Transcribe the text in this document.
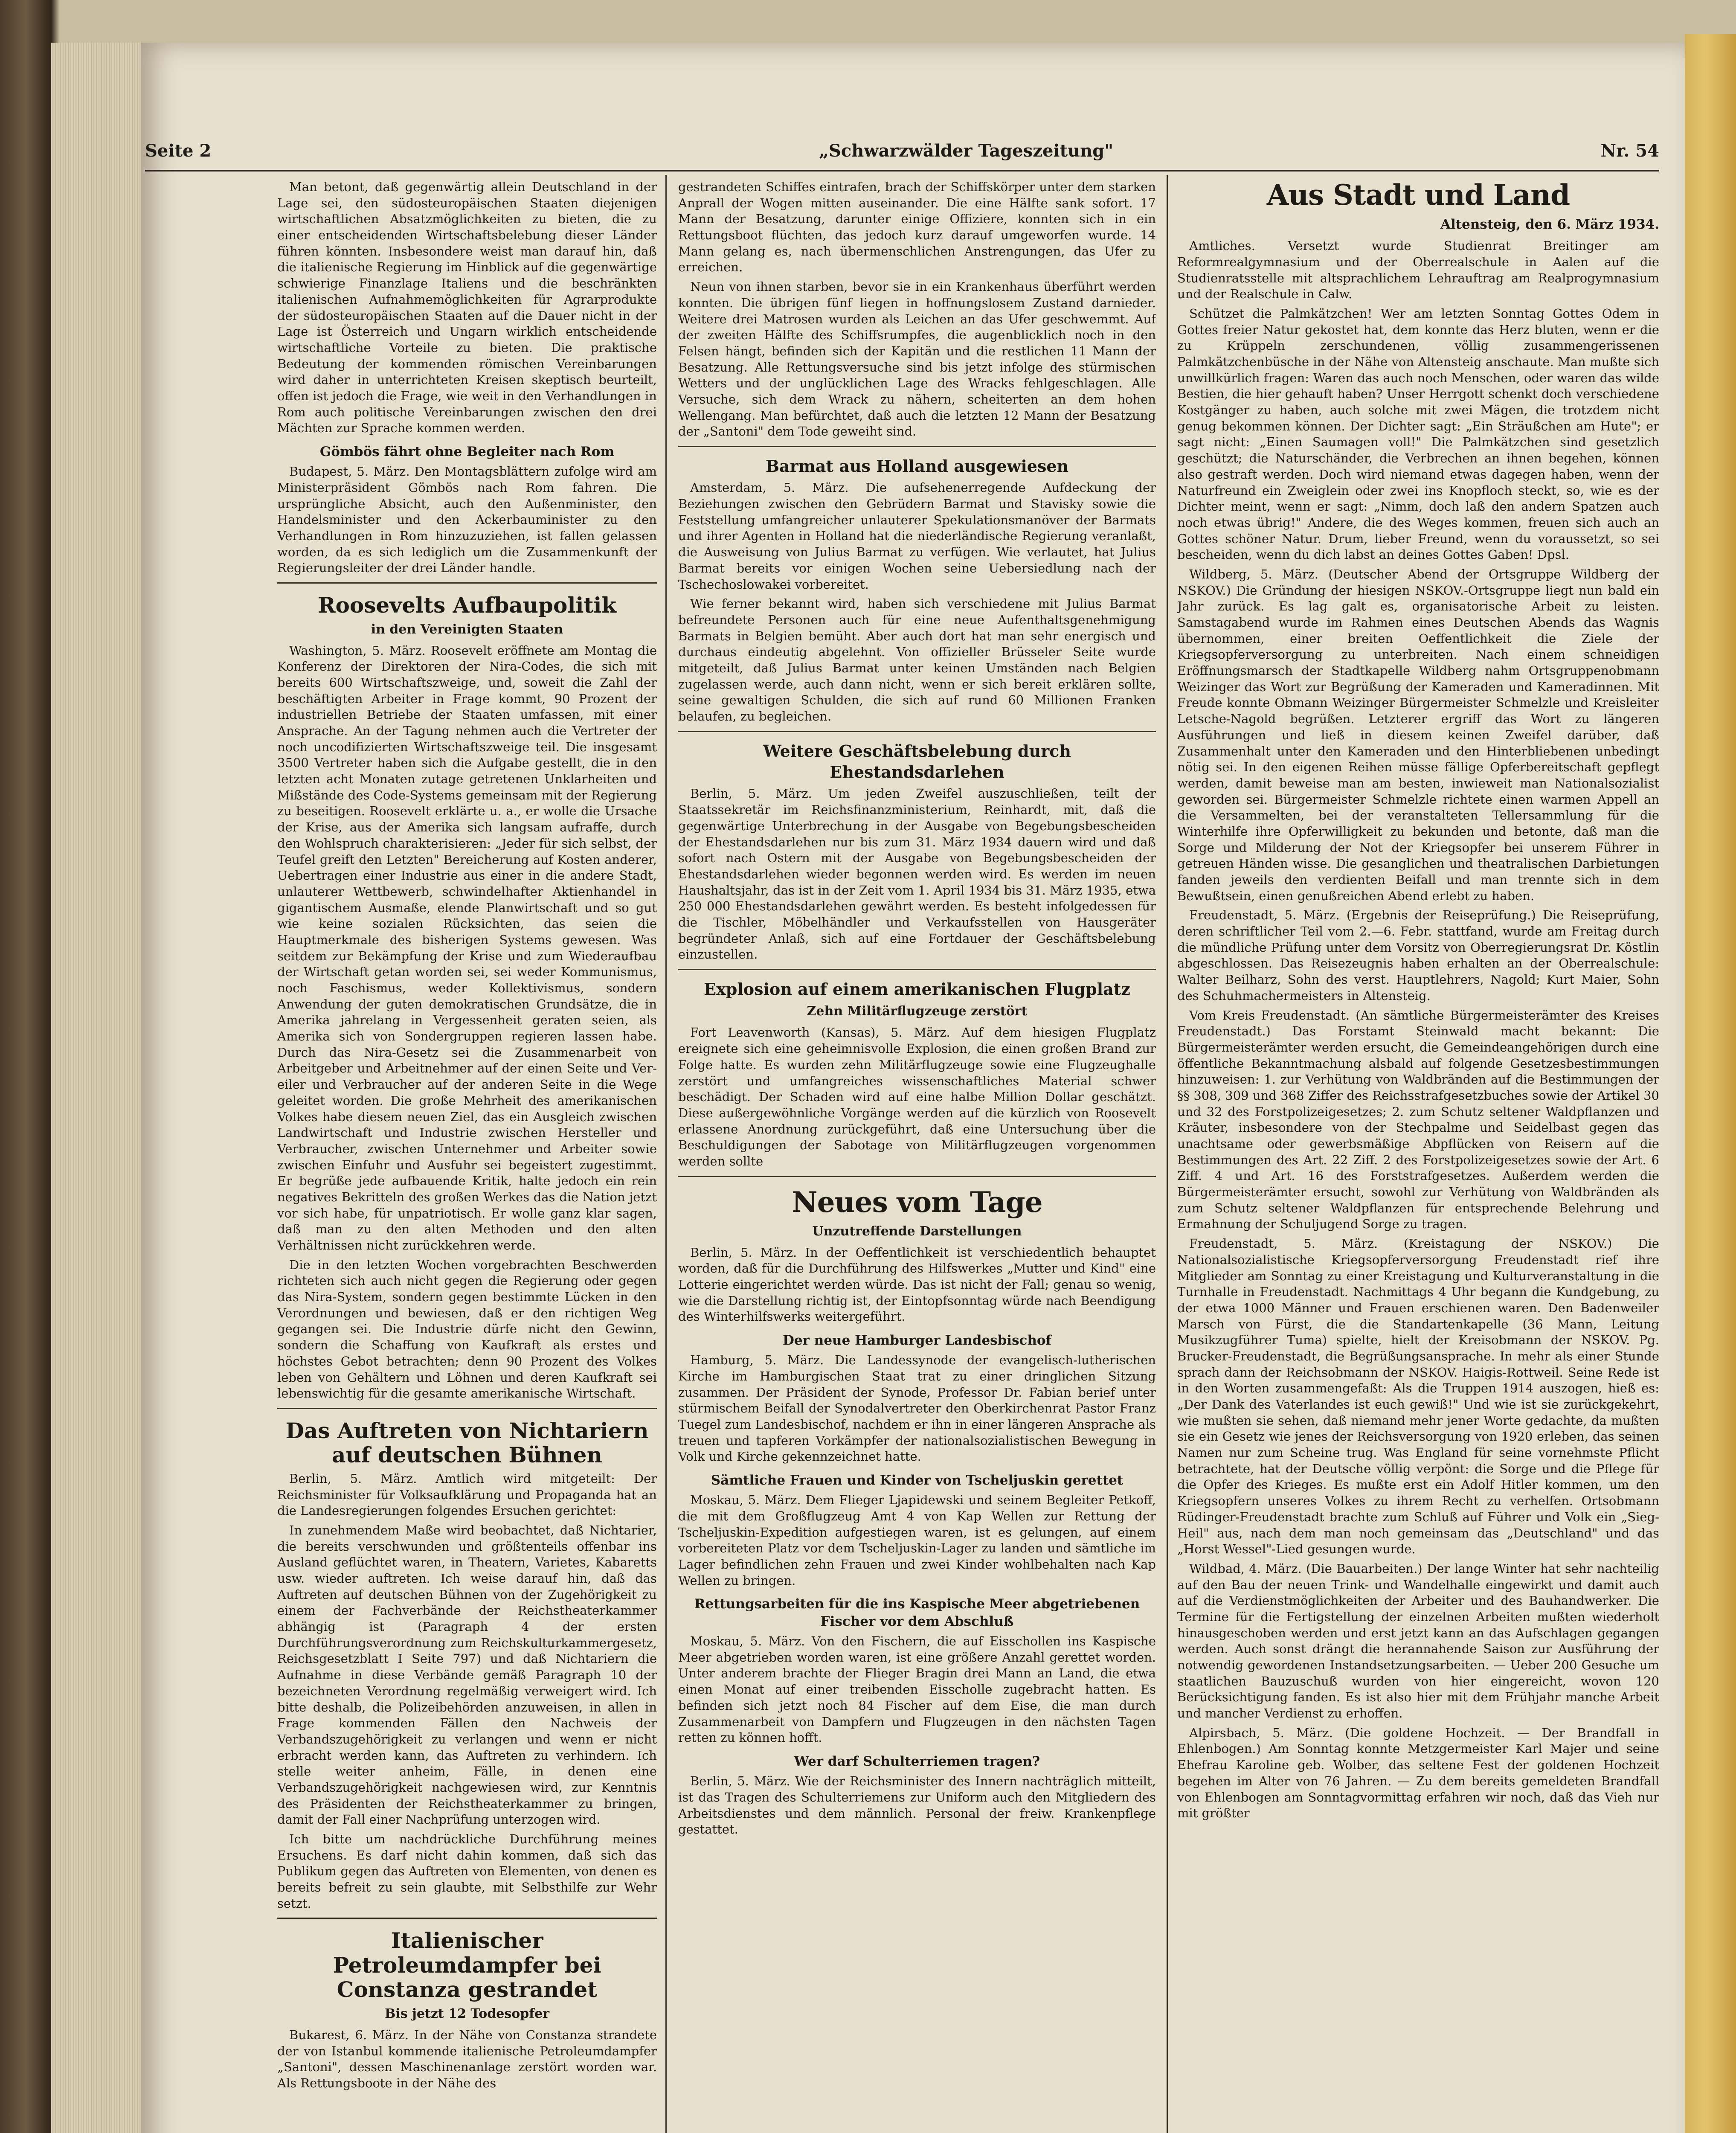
Seite 2	„Schwarzwälder Tageszeitung"	Nr. 54

Man betont, daß gegenwärtig allein Deutschland in der Lage sei, den südosteuropäischen Staaten diejenigen wirtschaftlichen Absatzmöglichkeiten zu bieten, die zu einer entscheidenden Wirtschaftsbelebung dieser Länder führen könnten. Insbesondere weist man darauf hin, daß die italienische Regierung im Hinblick auf die gegenwärtige schwierige Finanzlage Italiens und die beschränkten italienischen Aufnahmemöglichkeiten für Agrarprodukte der südosteuropäischen Staaten auf die Dauer nicht in der Lage ist Österreich und Ungarn wirklich entscheidende wirtschaftliche Vorteile zu bieten. Die praktische Bedeutung der kommenden römischen Vereinbarungen wird daher in unterrichteten Kreisen skeptisch beurteilt, offen ist jedoch die Frage, wie weit in den Verhandlungen in Rom auch politische Vereinbarungen zwischen den drei Mächten zur Sprache kommen werden.

Gömbös fährt ohne Begleiter nach Rom

Budapest, 5. März. Den Montagsblättern zufolge wird am Ministerpräsident Gömbös nach Rom fahren. Die ursprüngliche Absicht, auch den Außenminister, den Handelsminister und den Ackerbauminister zu den Verhandlungen in Rom hinzuzuziehen, ist fallen gelassen worden, da es sich lediglich um die Zusammenkunft der Regierungsleiter der drei Länder handle.

Roosevelts Aufbaupolitik
in den Vereinigten Staaten

Washington, 5. März. Roosevelt eröffnete am Montag die Konferenz der Direktoren der Nira-Codes, die sich mit bereits 600 Wirtschaftszweige, und, soweit die Zahl der beschäftigten Arbeiter in Frage kommt, 90 Prozent der industriellen Betriebe der Staaten umfassen, mit einer Ansprache. An der Tagung nehmen auch die Vertreter der noch uncodifizierten Wirtschaftszweige teil. Die insgesamt 3500 Vertreter haben sich die Aufgabe gestellt, die in den letzten acht Monaten zutage getretenen Unklarheiten und Mißstände des Code-Systems gemeinsam mit der Regierung zu beseitigen. Roosevelt erklärte u. a., er wolle die Ursache der Krise, aus der Amerika sich langsam aufraffe, durch den Wohlspruch charakterisieren: „Jeder für sich selbst, der Teufel greift den Letzten" Bereicherung auf Kosten anderer, Uebertragen einer Industrie aus einer in die andere Stadt, unlauterer Wettbewerb, schwindelhafter Aktienhandel in gigantischem Ausmaße, elende Planwirtschaft und so gut wie keine sozialen Rücksichten, das seien die Hauptmerkmale des bisherigen Systems gewesen. Was seitdem zur Bekämpfung der Krise und zum Wiederaufbau der Wirtschaft getan worden sei, sei weder Kommunismus, noch Faschismus, weder Kollektivismus, sondern Anwendung der guten demokratischen Grundsätze, die in Amerika jahrelang in Vergessenheit geraten seien, als Amerika sich von Sondergruppen regieren lassen habe. Durch das Nira-Gesetz sei die Zusammenarbeit von Arbeitgeber und Arbeitnehmer auf der einen Seite und Ver-eiler und Verbraucher auf der anderen Seite in die Wege geleitet worden. Die große Mehrheit des amerikanischen Volkes habe diesem neuen Ziel, das ein Ausgleich zwischen Landwirtschaft und Industrie zwischen Hersteller und Verbraucher, zwischen Unternehmer und Arbeiter sowie zwischen Einfuhr und Ausfuhr sei begeistert zugestimmt. Er begrüße jede aufbauende Kritik, halte jedoch ein rein negatives Bekritteln des großen Werkes das die Nation jetzt vor sich habe, für unpatriotisch. Er wolle ganz klar sagen, daß man zu den alten Methoden und den alten Verhältnissen nicht zurückkehren werde.

Die in den letzten Wochen vorgebrachten Beschwerden richteten sich auch nicht gegen die Regierung oder gegen das Nira-System, sondern gegen bestimmte Lücken in den Verordnungen und bewiesen, daß er den richtigen Weg gegangen sei. Die Industrie dürfe nicht den Gewinn, sondern die Schaffung von Kaufkraft als erstes und höchstes Gebot betrachten; denn 90 Prozent des Volkes leben von Gehältern und Löhnen und deren Kaufkraft sei lebenswichtig für die gesamte amerikanische Wirtschaft.

Das Auftreten von Nichtariern auf deutschen Bühnen

Berlin, 5. März. Amtlich wird mitgeteilt: Der Reichsminister für Volksaufklärung und Propaganda hat an die Landesregierungen folgendes Ersuchen gerichtet:

In zunehmendem Maße wird beobachtet, daß Nichtarier, die bereits verschwunden und größtenteils offenbar ins Ausland geflüchtet waren, in Theatern, Varietes, Kabaretts usw. wieder auftreten. Ich weise darauf hin, daß das Auftreten auf deutschen Bühnen von der Zugehörigkeit zu einem der Fachverbände der Reichstheaterkammer abhängig ist (Paragraph 4 der ersten Durchführungsverordnung zum Reichskulturkammergesetz, Reichsgesetzblatt I Seite 797) und daß Nichtariern die Aufnahme in diese Verbände gemäß Paragraph 10 der bezeichneten Verordnung regelmäßig verweigert wird. Ich bitte deshalb, die Polizeibehörden anzuweisen, in allen in Frage kommenden Fällen den Nachweis der Verbandszugehörigkeit zu verlangen und wenn er nicht erbracht werden kann, das Auftreten zu verhindern. Ich stelle weiter anheim, Fälle, in denen eine Verbandszugehörigkeit nachgewiesen wird, zur Kenntnis des Präsidenten der Reichstheaterkammer zu bringen, damit der Fall einer Nachprüfung unterzogen wird.

Ich bitte um nachdrückliche Durchführung meines Ersuchens. Es darf nicht dahin kommen, daß sich das Publikum gegen das Auftreten von Elementen, von denen es bereits befreit zu sein glaubte, mit Selbsthilfe zur Wehr setzt.

Italienischer Petroleumdampfer bei Constanza gestrandet
Bis jetzt 12 Todesopfer

Bukarest, 6. März. In der Nähe von Constanza strandete der von Istanbul kommende italienische Petroleumdampfer „Santoni", dessen Maschinenanlage zerstört worden war. Als Rettungsboote in der Nähe des

gestrandeten Schiffes eintrafen, brach der Schiffskörper unter dem starken Anprall der Wogen mitten auseinander. Die eine Hälfte sank sofort. 17 Mann der Besatzung, darunter einige Offiziere, konnten sich in ein Rettungsboot flüchten, das jedoch kurz darauf umgeworfen wurde. 14 Mann gelang es, nach übermenschlichen Anstrengungen, das Ufer zu erreichen.

Neun von ihnen starben, bevor sie in ein Krankenhaus überführt werden konnten. Die übrigen fünf liegen in hoffnungslosem Zustand darnieder. Weitere drei Matrosen wurden als Leichen an das Ufer geschwemmt. Auf der zweiten Hälfte des Schiffsrumpfes, die augenblicklich noch in den Felsen hängt, befinden sich der Kapitän und die restlichen 11 Mann der Besatzung. Alle Rettungsversuche sind bis jetzt infolge des stürmischen Wetters und der unglücklichen Lage des Wracks fehlgeschlagen. Alle Versuche, sich dem Wrack zu nähern, scheiterten an dem hohen Wellengang. Man befürchtet, daß auch die letzten 12 Mann der Besatzung der „Santoni" dem Tode geweiht sind.

Barmat aus Holland ausgewiesen

Amsterdam, 5. März. Die aufsehenerregende Aufdeckung der Beziehungen zwischen den Gebrüdern Barmat und Stavisky sowie die Feststellung umfangreicher unlauterer Spekulationsmanöver der Barmats und ihrer Agenten in Holland hat die niederländische Regierung veranlaßt, die Ausweisung von Julius Barmat zu verfügen. Wie verlautet, hat Julius Barmat bereits vor einigen Wochen seine Uebersiedlung nach der Tschechoslowakei vorbereitet.

Wie ferner bekannt wird, haben sich verschiedene mit Julius Barmat befreundete Personen auch für eine neue Aufenthaltsgenehmigung Barmats in Belgien bemüht. Aber auch dort hat man sehr energisch und durchaus eindeutig abgelehnt. Von offizieller Brüsseler Seite wurde mitgeteilt, daß Julius Barmat unter keinen Umständen nach Belgien zugelassen werde, auch dann nicht, wenn er sich bereit erklären sollte, seine gewaltigen Schulden, die sich auf rund 60 Millionen Franken belaufen, zu begleichen.

Weitere Geschäftsbelebung durch Ehestandsdarlehen

Berlin, 5. März. Um jeden Zweifel auszuschließen, teilt der Staatssekretär im Reichsfinanzministerium, Reinhardt, mit, daß die gegenwärtige Unterbrechung in der Ausgabe von Begebungsbescheiden der Ehestandsdarlehen nur bis zum 31. März 1934 dauern wird und daß sofort nach Ostern mit der Ausgabe von Begebungsbescheiden der Ehestandsdarlehen wieder begonnen werden wird. Es werden im neuen Haushaltsjahr, das ist in der Zeit vom 1. April 1934 bis 31. März 1935, etwa 250 000 Ehestandsdarlehen gewährt werden. Es besteht infolgedessen für die Tischler, Möbelhändler und Verkaufsstellen von Hausgeräter begründeter Anlaß, sich auf eine Fortdauer der Geschäftsbelebung einzustellen.

Explosion auf einem amerikanischen Flugplatz
Zehn Militärflugzeuge zerstört

Fort Leavenworth (Kansas), 5. März. Auf dem hiesigen Flugplatz ereignete sich eine geheimnisvolle Explosion, die einen großen Brand zur Folge hatte. Es wurden zehn Militärflugzeuge sowie eine Flugzeughalle zerstört und umfangreiches wissenschaftliches Material schwer beschädigt. Der Schaden wird auf eine halbe Million Dollar geschätzt. Diese außergewöhnliche Vorgänge werden auf die kürzlich von Roosevelt erlassene Anordnung zurückgeführt, daß eine Untersuchung über die Beschuldigungen der Sabotage von Militärflugzeugen vorgenommen werden sollte

Neues vom Tage
Unzutreffende Darstellungen

Berlin, 5. März. In der Oeffentlichkeit ist verschiedentlich behauptet worden, daß für die Durchführung des Hilfswerkes „Mutter und Kind" eine Lotterie eingerichtet werden würde. Das ist nicht der Fall; genau so wenig, wie die Darstellung richtig ist, der Eintopfsonntag würde nach Beendigung des Winterhilfswerks weitergeführt.

Der neue Hamburger Landesbischof

Hamburg, 5. März. Die Landessynode der evangelisch-lutherischen Kirche im Hamburgischen Staat trat zu einer dringlichen Sitzung zusammen. Der Präsident der Synode, Professor Dr. Fabian berief unter stürmischem Beifall der Synodalvertreter den Oberkirchenrat Pastor Franz Tuegel zum Landesbischof, nachdem er ihn in einer längeren Ansprache als treuen und tapferen Vorkämpfer der nationalsozialistischen Bewegung in Volk und Kirche gekennzeichnet hatte.

Sämtliche Frauen und Kinder von Tscheljuskin gerettet

Moskau, 5. März. Dem Flieger Ljapidewski und seinem Begleiter Petkoff, die mit dem Großflugzeug Amt 4 von Kap Wellen zur Rettung der Tscheljuskin-Expedition aufgestiegen waren, ist es gelungen, auf einem vorbereiteten Platz vor dem Tscheljuskin-Lager zu landen und sämtliche im Lager befindlichen zehn Frauen und zwei Kinder wohlbehalten nach Kap Wellen zu bringen.

Rettungsarbeiten für die ins Kaspische Meer abgetriebenen Fischer vor dem Abschluß

Moskau, 5. März. Von den Fischern, die auf Eisschollen ins Kaspische Meer abgetrieben worden waren, ist eine größere Anzahl gerettet worden. Unter anderem brachte der Flieger Bragin drei Mann an Land, die etwa einen Monat auf einer treibenden Eisscholle zugebracht hatten. Es befinden sich jetzt noch 84 Fischer auf dem Eise, die man durch Zusammenarbeit von Dampfern und Flugzeugen in den nächsten Tagen retten zu können hofft.

Wer darf Schulterriemen tragen?

Berlin, 5. März. Wie der Reichsminister des Innern nachträglich mitteilt, ist das Tragen des Schulterriemens zur Uniform auch den Mitgliedern des Arbeitsdienstes und dem männlich. Personal der freiw. Krankenpflege gestattet.

Aus Stadt und Land
Altensteig, den 6. März 1934.

Amtliches. Versetzt wurde Studienrat Breitinger am Reformrealgymnasium und der Oberrealschule in Aalen auf die Studienratsstelle mit altsprachlichem Lehrauftrag am Realprogymnasium und der Realschule in Calw.

Schützet die Palmkätzchen! Wer am letzten Sonntag Gottes Odem in Gottes freier Natur gekostet hat, dem konnte das Herz bluten, wenn er die zu Krüppeln zerschundenen, völlig zusammengerissenen Palmkätzchenbüsche in der Nähe von Altensteig anschaute. Man mußte sich unwillkürlich fragen: Waren das auch noch Menschen, oder waren das wilde Bestien, die hier gehauft haben? Unser Herrgott schenkt doch verschiedene Kostgänger zu haben, auch solche mit zwei Mägen, die trotzdem nicht genug bekommen können. Der Dichter sagt: „Ein Sträußchen am Hute"; er sagt nicht: „Einen Saumagen voll!" Die Palmkätzchen sind gesetzlich geschützt; die Naturschänder, die Verbrechen an ihnen begehen, können also gestraft werden. Doch wird niemand etwas dagegen haben, wenn der Naturfreund ein Zweiglein oder zwei ins Knopfloch steckt, so, wie es der Dichter meint, wenn er sagt: „Nimm, doch laß den andern Spatzen auch noch etwas übrig!" Andere, die des Weges kommen, freuen sich auch an Gottes schöner Natur. Drum, lieber Freund, wenn du voraussetzt, so sei bescheiden, wenn du dich labst an deines Gottes Gaben! Dpsl.

Wildberg, 5. März. (Deutscher Abend der Ortsgruppe Wildberg der NSKOV.) Die Gründung der hiesigen NSKOV.-Ortsgruppe liegt nun bald ein Jahr zurück. Es lag galt es, organisatorische Arbeit zu leisten. Samstagabend wurde im Rahmen eines Deutschen Abends das Wagnis übernommen, einer breiten Oeffentlichkeit die Ziele der Kriegsopferversorgung zu unterbreiten. Nach einem schneidigen Eröffnungsmarsch der Stadtkapelle Wildberg nahm Ortsgruppenobmann Weizinger das Wort zur Begrüßung der Kameraden und Kameradinnen. Mit Freude konnte Obmann Weizinger Bürgermeister Schmelzle und Kreisleiter Letsche-Nagold begrüßen. Letzterer ergriff das Wort zu längeren Ausführungen und ließ in diesem keinen Zweifel darüber, daß Zusammenhalt unter den Kameraden und den Hinterbliebenen unbedingt nötig sei. In den eigenen Reihen müsse fällige Opferbereitschaft gepflegt werden, damit beweise man am besten, inwieweit man Nationalsozialist geworden sei. Bürgermeister Schmelzle richtete einen warmen Appell an die Versammelten, bei der veranstalteten Tellersammlung für die Winterhilfe ihre Opferwilligkeit zu bekunden und betonte, daß man die Sorge und Milderung der Not der Kriegsopfer bei unserem Führer in getreuen Händen wisse. Die gesanglichen und theatralischen Darbietungen fanden jeweils den verdienten Beifall und man trennte sich in dem Bewußtsein, einen genußreichen Abend erlebt zu haben.

Freudenstadt, 5. März. (Ergebnis der Reiseprüfung.) Die Reiseprüfung, deren schriftlicher Teil vom 2.—6. Febr. stattfand, wurde am Freitag durch die mündliche Prüfung unter dem Vorsitz von Oberregierungsrat Dr. Köstlin abgeschlossen. Das Reisezeugnis haben erhalten an der Oberrealschule: Walter Beilharz, Sohn des verst. Hauptlehrers, Nagold; Kurt Maier, Sohn des Schuhmachermeisters in Altensteig.

Vom Kreis Freudenstadt. (An sämtliche Bürgermeisterämter des Kreises Freudenstadt.) Das Forstamt Steinwald macht bekannt: Die Bürgermeisterämter werden ersucht, die Gemeindeangehörigen durch eine öffentliche Bekanntmachung alsbald auf folgende Gesetzesbestimmungen hinzuweisen: 1. zur Verhütung von Waldbränden auf die Bestimmungen der §§ 308, 309 und 368 Ziffer des Reichsstrafgesetzbuches sowie der Artikel 30 und 32 des Forstpolizeigesetzes; 2. zum Schutz seltener Waldpflanzen und Kräuter, insbesondere von der Stechpalme und Seidelbast gegen das unachtsame oder gewerbsmäßige Abpflücken von Reisern auf die Bestimmungen des Art. 22 Ziff. 2 des Forstpolizeigesetzes sowie der Art. 6 Ziff. 4 und Art. 16 des Forststrafgesetzes. Außerdem werden die Bürgermeisterämter ersucht, sowohl zur Verhütung von Waldbränden als zum Schutz seltener Waldpflanzen für entsprechende Belehrung und Ermahnung der Schuljugend Sorge zu tragen.

Freudenstadt, 5. März. (Kreistagung der NSKOV.) Die Nationalsozialistische Kriegsopferversorgung Freudenstadt rief ihre Mitglieder am Sonntag zu einer Kreistagung und Kulturveranstaltung in die Turnhalle in Freudenstadt. Nachmittags 4 Uhr begann die Kundgebung, zu der etwa 1000 Männer und Frauen erschienen waren. Den Badenweiler Marsch von Fürst, die die Standartenkapelle (36 Mann, Leitung Musikzugführer Tuma) spielte, hielt der Kreisobmann der NSKOV. Pg. Brucker-Freudenstadt, die Begrüßungsansprache. In mehr als einer Stunde sprach dann der Reichsobmann der NSKOV. Haigis-Rottweil. Seine Rede ist in den Worten zusammengefaßt: Als die Truppen 1914 auszogen, hieß es: „Der Dank des Vaterlandes ist euch gewiß!" Und wie ist sie zurückgekehrt, wie mußten sie sehen, daß niemand mehr jener Worte gedachte, da mußten sie ein Gesetz wie jenes der Reichsversorgung von 1920 erleben, das seinen Namen nur zum Scheine trug. Was England für seine vornehmste Pflicht betrachtete, hat der Deutsche völlig verpönt: die Sorge und die Pflege für die Opfer des Krieges. Es mußte erst ein Adolf Hitler kommen, um den Kriegsopfern unseres Volkes zu ihrem Recht zu verhelfen. Ortsobmann Rüdinger-Freudenstadt brachte zum Schluß auf Führer und Volk ein „Sieg-Heil" aus, nach dem man noch gemeinsam das „Deutschland" und das „Horst Wessel"-Lied gesungen wurde.

Wildbad, 4. März. (Die Bauarbeiten.) Der lange Winter hat sehr nachteilig auf den Bau der neuen Trink- und Wandelhalle eingewirkt und damit auch auf die Verdienstmöglichkeiten der Arbeiter und des Bauhandwerker. Die Termine für die Fertigstellung der einzelnen Arbeiten mußten wiederholt hinausgeschoben werden und erst jetzt kann an das Aufschlagen gegangen werden. Auch sonst drängt die herannahende Saison zur Ausführung der notwendig gewordenen Instandsetzungsarbeiten. — Ueber 200 Gesuche um staatlichen Bauzuschuß wurden von hier eingereicht, wovon 120 Berücksichtigung fanden. Es ist also hier mit dem Frühjahr manche Arbeit und mancher Verdienst zu erhoffen.

Alpirsbach, 5. März. (Die goldene Hochzeit. — Der Brandfall in Ehlenbogen.) Am Sonntag konnte Metzgermeister Karl Majer und seine Ehefrau Karoline geb. Wolber, das seltene Fest der goldenen Hochzeit begehen im Alter von 76 Jahren. — Zu dem bereits gemeldeten Brandfall von Ehlenbogen am Sonntagvormittag erfahren wir noch, daß das Vieh nur mit größter
